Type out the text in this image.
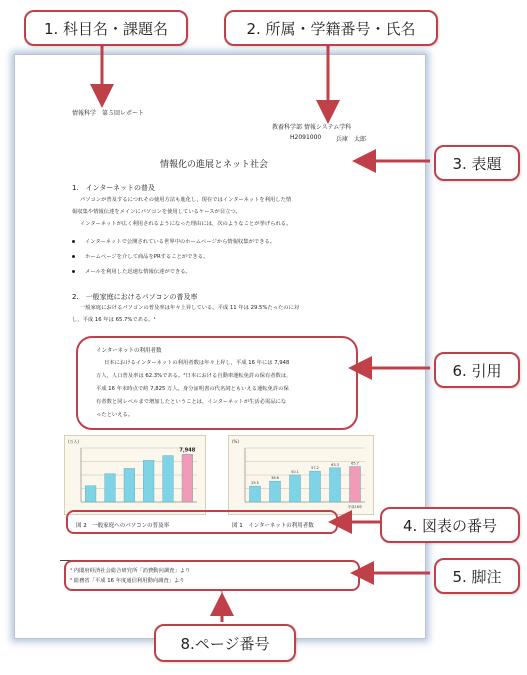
情報科学　第５回レポート
教養科学部 情報システム学科
H2091000 兵庫　太郎
情報化の進展とネット社会
1.　インターネットの普及
パソコンが普及するにつれその使用方法も進化し，現在ではインターネットを利用した情
報収集や情報伝達をメインにパソコンを使用しているケースが目立つ。
インターネットが広く利用されるようになった理由には，次のようなことが挙げられる。
インターネットで公開されている世界中のホームページから情報収集ができる。
ホームページを介して商品をPRすることができる。
メールを利用した迅速な情報伝達ができる。
2.　一般家庭におけるパソコンの普及率
一般家庭におけるパソコンの普及率は年々上昇している。平成 11 年は 29.5%たったのに対
し，平成 16 年は 65.7%である。¹
インターネットの利用者数
日本におけるインターネットの利用者数は年々上昇し，平成 16 年には 7,948
万人，人口普及率は 62.3%である。²日本における自動車運転免許の保有者数は，
平成 16 年末時点で約 7,825 万人。身分証明書の代名詞ともいえる運転免許の保
有者数と同レベルまで増加したということは，インターネットが生活必需品にな
ったといえる。
(万人)
7,948
(%)
平成16年
29.5
38.6
50.1
57.2
63.3	65.7
図 2　一般家庭へのパソコンの普及率	図 1　インターネットの利用者数
¹ 内閣府経済社会総合研究所「消費動向調査」より
² 総務省「平成 16 年度通信利用動向調査」より
1
1. 科目名・課題名	2. 所属・学籍番号・氏名
3. 表題
6. 引用
4. 図表の番号
5. 脚注
8.ページ番号
